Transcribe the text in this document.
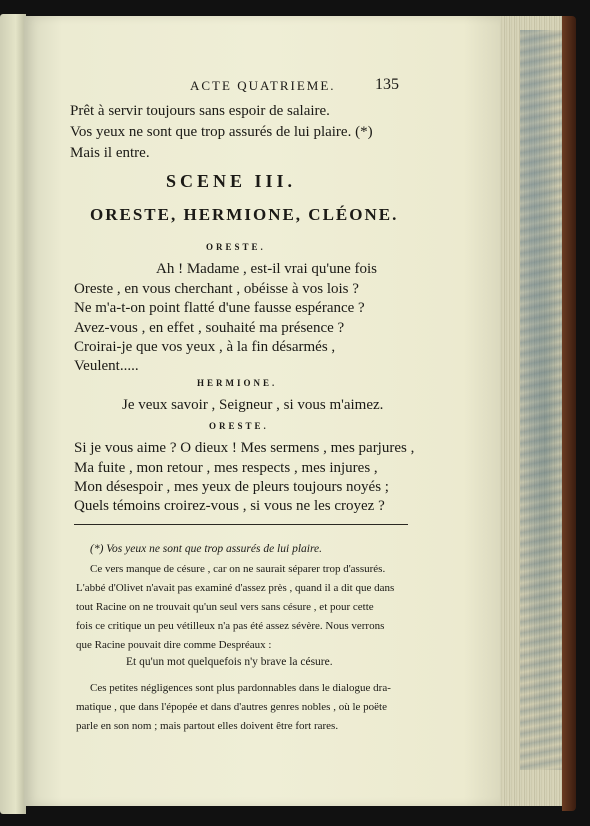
ACTE QUATRIEME. 135
Prêt à servir toujours sans espoir de salaire.
Vos yeux ne sont que trop assurés de lui plaire. (*)
Mais il entre.
SCENE III.
ORESTE, HERMIONE, CLÉONE.
ORESTE.
Ah ! Madame , est-il vrai qu'une fois
Oreste , en vous cherchant , obéisse à vos lois ?
Ne m'a-t-on point flatté d'une fausse espérance ?
Avez-vous , en effet , souhaité ma présence ?
Croirai-je que vos yeux , à la fin désarmés ,
Veulent.....
HERMIONE.
Je veux savoir , Seigneur , si vous m'aimez.
ORESTE.
Si je vous aime ? O dieux ! Mes sermens , mes parjures ,
Ma fuite , mon retour , mes respects , mes injures ,
Mon désespoir , mes yeux de pleurs toujours noyés ;
Quels témoins croirez-vous , si vous ne les croyez ?
(*) Vos yeux ne sont que trop assurés de lui plaire.
Ce vers manque de césure , car on ne saurait séparer trop d'assurés.
L'abbé d'Olivet n'avait pas examiné d'assez près , quand il a dit que dans
tout Racine on ne trouvait qu'un seul vers sans césure , et pour cette
fois ce critique un peu vétilleux n'a pas été assez sévère. Nous verrons
que Racine pouvait dire comme Despréaux :
Et qu'un mot quelquefois n'y brave la césure.
Ces petites négligences sont plus pardonnables dans le dialogue dra-
matique , que dans l'épopée et dans d'autres genres nobles , où le poëte
parle en son nom ; mais partout elles doivent être fort rares.
